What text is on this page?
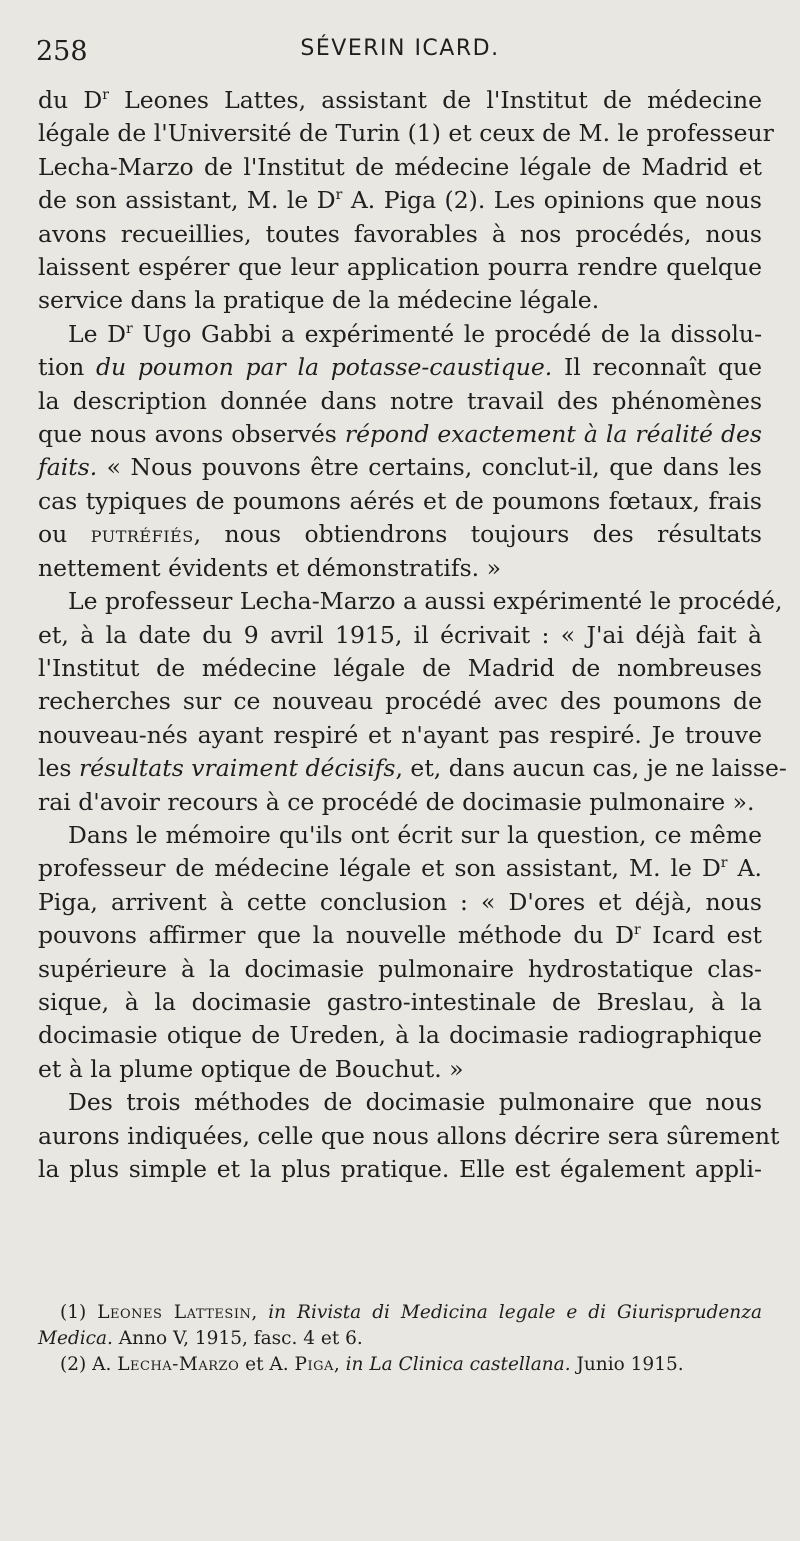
258	SÉVERIN ICARD.
du $D^r$ Leones Lattes, assistant de l'Institut de médecine
légale de l'Université de Turin (1) et ceux de M. le professeur
Lecha-Marzo de l'Institut de médecine légale de Madrid et
de son assistant, M. le $D^r$ A. Piga (2). Les opinions que nous
avons recueillies, toutes favorables à nos procédés, nous
laissent espérer que leur application pourra rendre quelque
service dans la pratique de la médecine légale.
Le $D^r$ Ugo Gabbi a expérimenté le procédé de la dissolu-
tion du poumon par la potasse-caustique. Il reconnaît que
la description donnée dans notre travail des phénomènes
que nous avons observés répond exactement à la réalité des
faits. « Nous pouvons être certains, conclut-il, que dans les
cas typiques de poumons aérés et de poumons fœtaux, frais
ou putréfiés, nous obtiendrons toujours des résultats
nettement évidents et démonstratifs. »
Le professeur Lecha-Marzo a aussi expérimenté le procédé,
et, à la date du 9 avril 1915, il écrivait : « J'ai déjà fait à
l'Institut de médecine légale de Madrid de nombreuses
recherches sur ce nouveau procédé avec des poumons de
nouveau-nés ayant respiré et n'ayant pas respiré. Je trouve
les résultats vraiment décisifs, et, dans aucun cas, je ne laisse-
rai d'avoir recours à ce procédé de docimasie pulmonaire ».
Dans le mémoire qu'ils ont écrit sur la question, ce même
professeur de médecine légale et son assistant, M. le $D^r$ A.
Piga, arrivent à cette conclusion : « D'ores et déjà, nous
pouvons affirmer que la nouvelle méthode du $D^r$ Icard est
supérieure à la docimasie pulmonaire hydrostatique clas-
sique, à la docimasie gastro-intestinale de Breslau, à la
docimasie otique de Ureden, à la docimasie radiographique
et à la plume optique de Bouchut. »
Des trois méthodes de docimasie pulmonaire que nous
aurons indiquées, celle que nous allons décrire sera sûrement
la plus simple et la plus pratique. Elle est également appli-
(1) Leones Lattesin, in Rivista di Medicina legale e di Giurisprudenza
Medica. Anno V, 1915, fasc. 4 et 6.
(2) A. Lecha-Marzo et A. Piga, in La Clinica castellana. Junio 1915.
